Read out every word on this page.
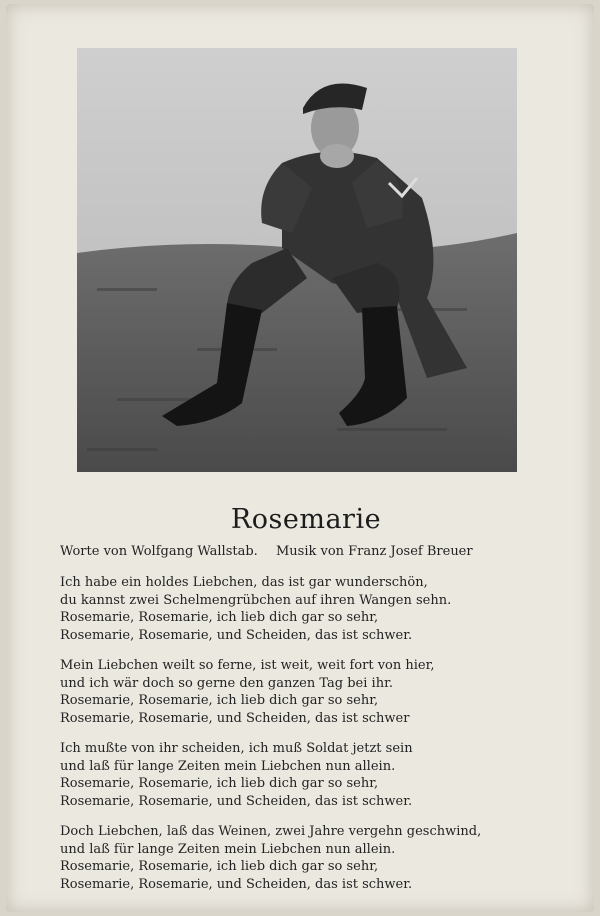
Rosemarie
Worte von Wolfgang Wallstab. Musik von Franz Josef Breuer
Ich habe ein holdes Liebchen, das ist gar wunderschön,
du kannst zwei Schelmengrübchen auf ihren Wangen sehn.
Rosemarie, Rosemarie, ich lieb dich gar so sehr,
Rosemarie, Rosemarie, und Scheiden, das ist schwer.
Mein Liebchen weilt so ferne, ist weit, weit fort von hier,
und ich wär doch so gerne den ganzen Tag bei ihr.
Rosemarie, Rosemarie, ich lieb dich gar so sehr,
Rosemarie, Rosemarie, und Scheiden, das ist schwer
Ich mußte von ihr scheiden, ich muß Soldat jetzt sein
und laß für lange Zeiten mein Liebchen nun allein.
Rosemarie, Rosemarie, ich lieb dich gar so sehr,
Rosemarie, Rosemarie, und Scheiden, das ist schwer.
Doch Liebchen, laß das Weinen, zwei Jahre vergehn geschwind,
und laß für lange Zeiten mein Liebchen nun allein.
Rosemarie, Rosemarie, ich lieb dich gar so sehr,
Rosemarie, Rosemarie, und Scheiden, das ist schwer.
